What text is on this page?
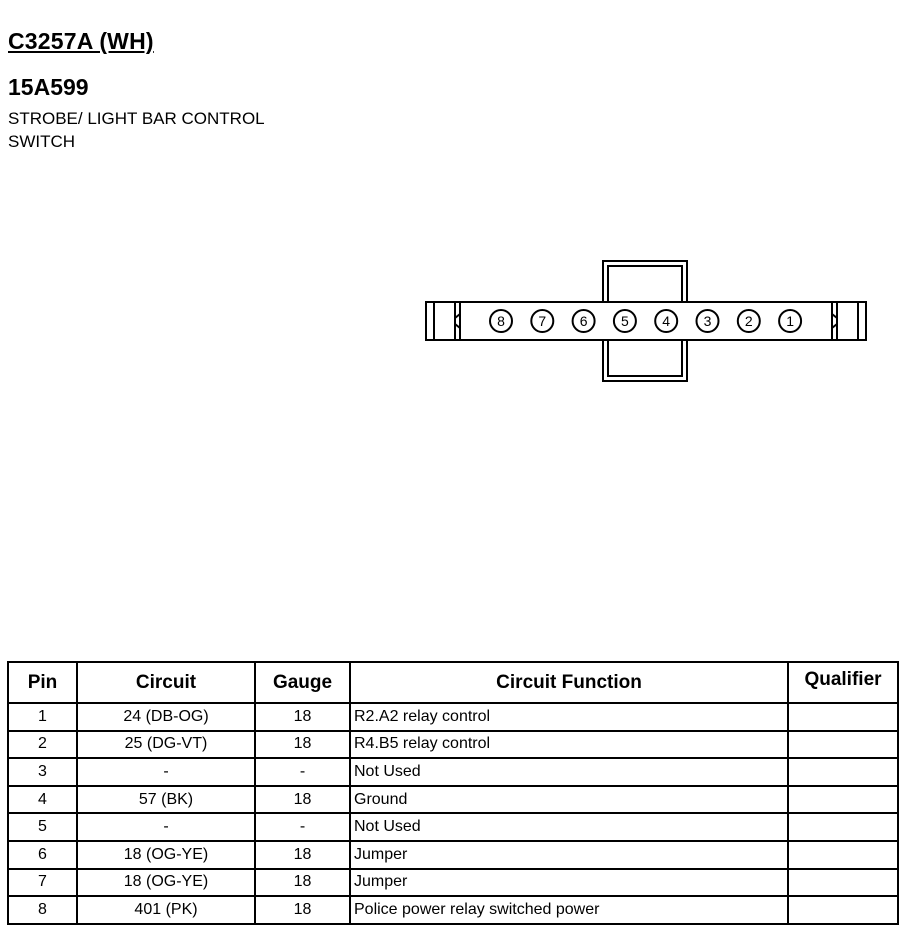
C3257A (WH)
15A599
STROBE/ LIGHT BAR CONTROL
SWITCH
8 7 6 5 4 3 2 1
Pin	Circuit	Gauge	Circuit Function	Qualifier
1	24 (DB-OG)	18	R2.A2 relay control	
2	25 (DG-VT)	18	R4.B5 relay control	
3	-	-	Not Used	
4	57 (BK)	18	Ground	
5	-	-	Not Used	
6	18 (OG-YE)	18	Jumper	
7	18 (OG-YE)	18	Jumper	
8	401 (PK)	18	Police power relay switched power	
